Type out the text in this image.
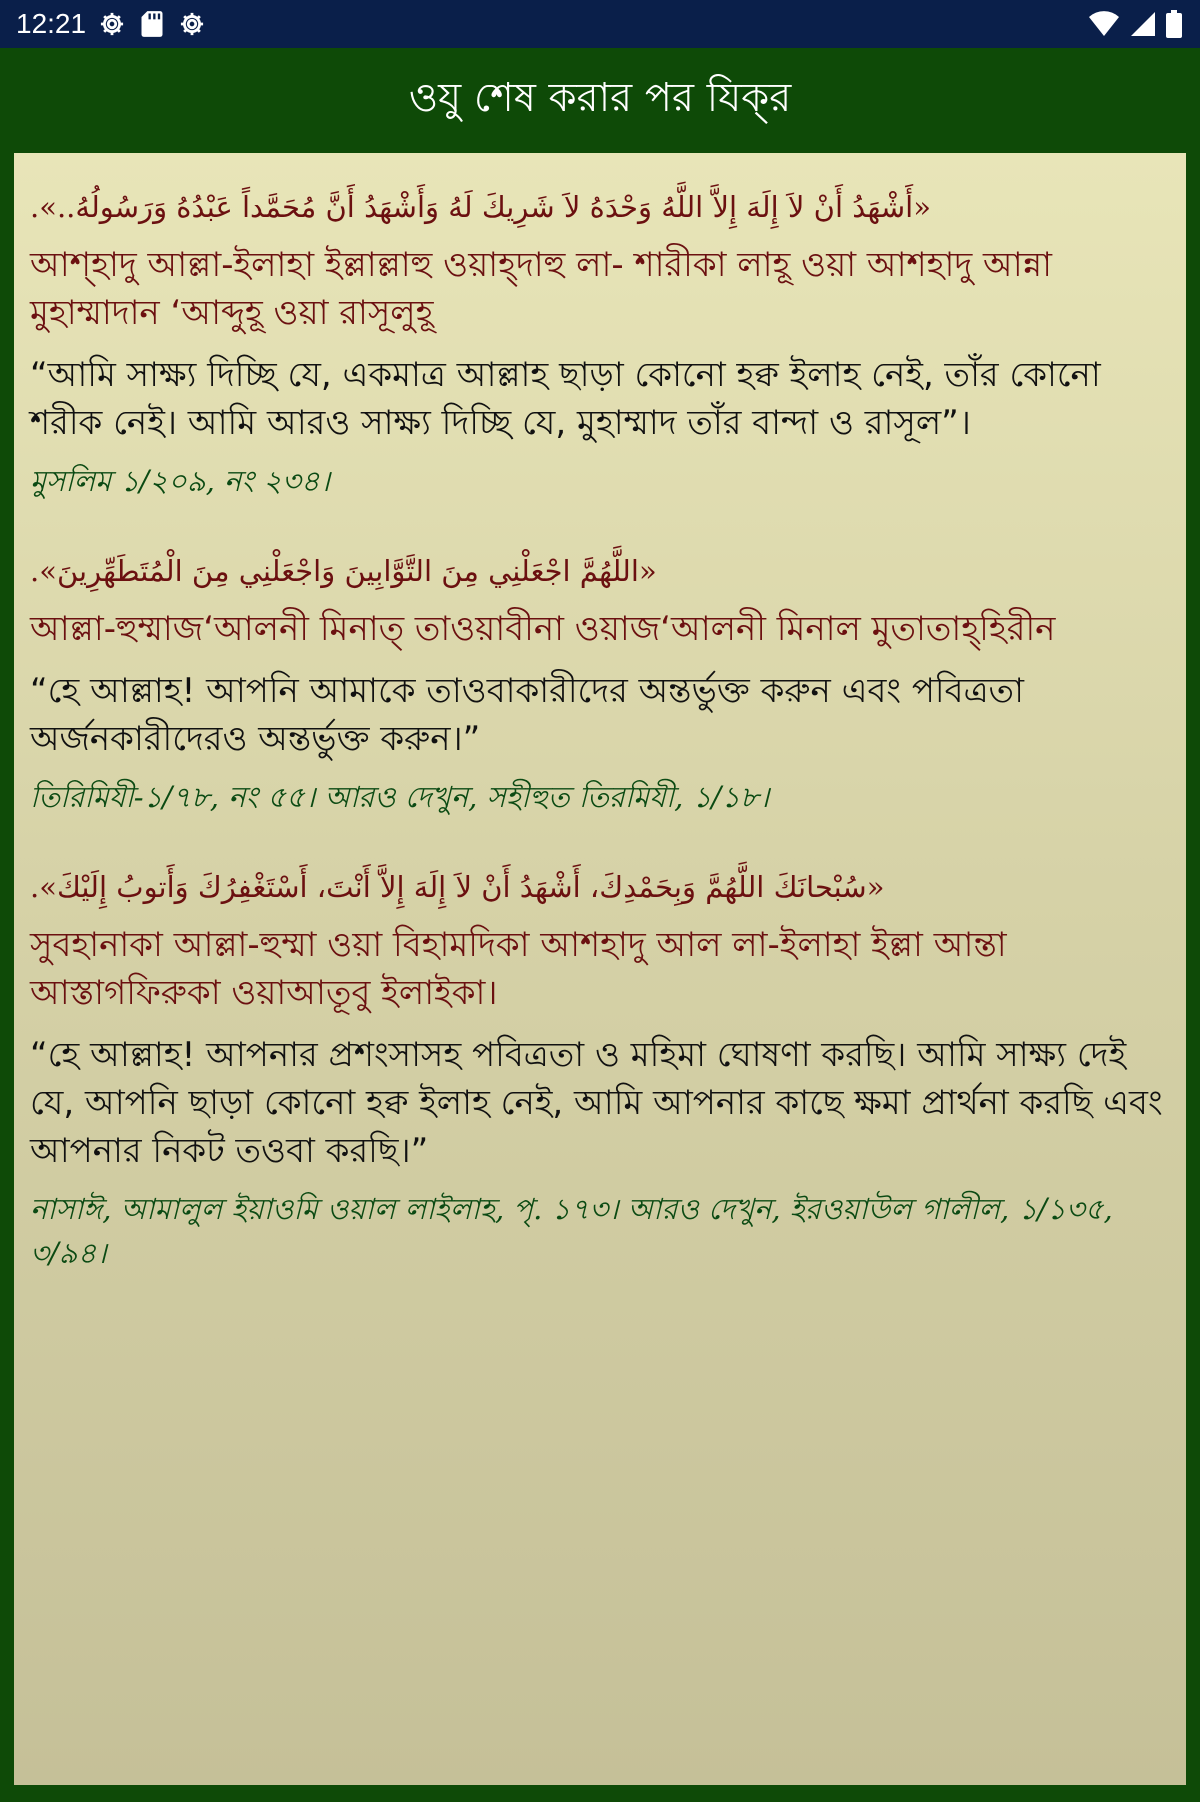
12:21
ওযু শেষ করার পর যিক্‌র

«أَشْهَدُ أَنْ لاَ إِلَهَ إِلاَّ اللَّهُ وَحْدَهُ لاَ شَرِيكَ لَهُ وَأَشْهَدُ أَنَّ مُحَمَّداً عَبْدُهُ وَرَسُولُهُ..».

আশ্‌হাদু আল্লা-ইলাহা ইল্লাল্লাহু ওয়াহ্‌দাহু লা- শারীকা লাহূ ওয়া আশহাদু আন্না মুহাম্মাদান ‘আব্দুহূ ওয়া রাসূলুহূ

“আমি সাক্ষ্য দিচ্ছি যে, একমাত্র আল্লাহ ছাড়া কোনো হক্ব ইলাহ নেই, তাঁর কোনো শরীক নেই। আমি আরও সাক্ষ্য দিচ্ছি যে, মুহাম্মাদ তাঁর বান্দা ও রাসূল”।

মুসলিম ১/২০৯, নং ২৩৪।

«اللَّهُمَّ اجْعَلْنِي مِنَ التَّوَّابِينَ وَاجْعَلْنِي مِنَ الْمُتَطَهِّرِينَ».

আল্লা-হুম্মাজ‘আলনী মিনাত্‌ তাওয়াবীনা ওয়াজ‘আলনী মিনাল মুতাতাহ্‌হিরীন

“হে আল্লাহ! আপনি আমাকে তাওবাকারীদের অন্তর্ভুক্ত করুন এবং পবিত্রতা অর্জনকারীদেরও অন্তর্ভুক্ত করুন।”

তিরিমিযী-১/৭৮, নং ৫৫। আরও দেখুন, সহীহুত তিরমিযী, ১/১৮।

«سُبْحانَكَ اللَّهُمَّ وَبِحَمْدِكَ، أَشْهَدُ أَنْ لاَ إِلَهَ إِلاَّ أَنْتَ، أَسْتَغْفِرُكَ وَأَتوبُ إِلَيْكَ».

সুবহানাকা আল্লা-হুম্মা ওয়া বিহামদিকা আশহাদু আল লা-ইলাহা ইল্লা আন্তা আস্তাগফিরুকা ওয়াআতূবু ইলাইকা।

“হে আল্লাহ! আপনার প্রশংসাসহ পবিত্রতা ও মহিমা ঘোষণা করছি। আমি সাক্ষ্য দেই যে, আপনি ছাড়া কোনো হক্ব ইলাহ নেই, আমি আপনার কাছে ক্ষমা প্রার্থনা করছি এবং আপনার নিকট তওবা করছি।”

নাসাঈ, আমালুল ইয়াওমি ওয়াল লাইলাহ, পৃ. ১৭৩। আরও দেখুন, ইরওয়াউল গালীল, ১/১৩৫, ৩/৯৪।
